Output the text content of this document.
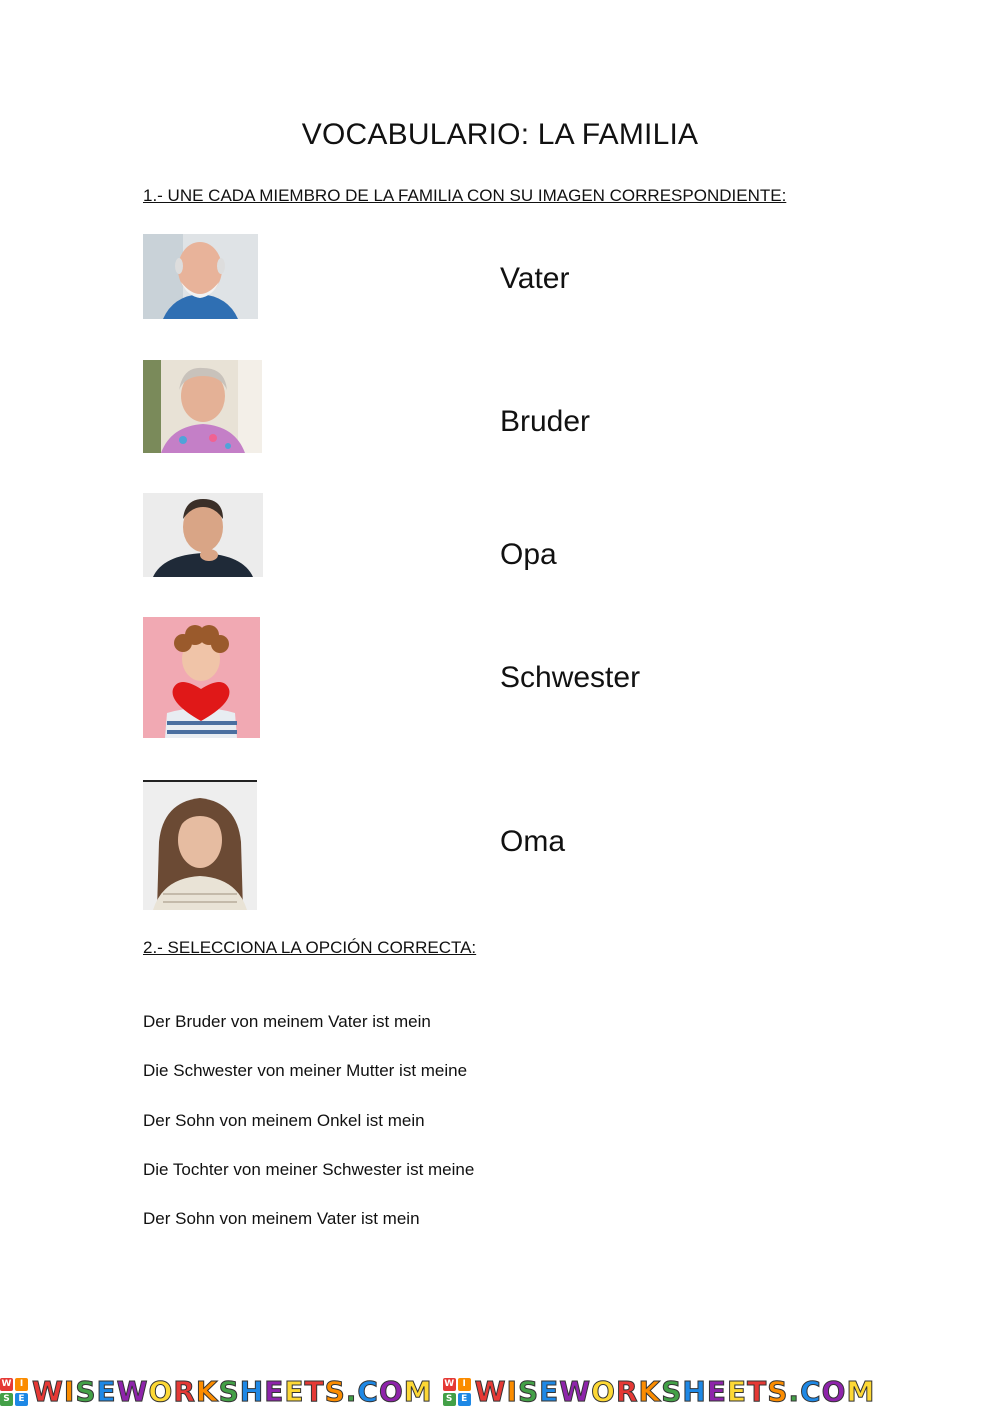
VOCABULARIO: LA FAMILIA
1.- UNE CADA MIEMBRO DE LA FAMILIA CON SU IMAGEN CORRESPONDIENTE:
Vater
Bruder
Opa
Schwester
Oma
2.- SELECCIONA LA OPCIÓN CORRECTA:
Der Bruder von meinem Vater ist mein
Die Schwester von meiner Mutter ist meine
Der Sohn von meinem Onkel ist mein
Die Tochter von meiner Schwester ist meine
Der Sohn von meinem Vater ist mein
W I
S E WISEWORKSHEETS.COM W I
S E WISEWORKSHEETS.COM
